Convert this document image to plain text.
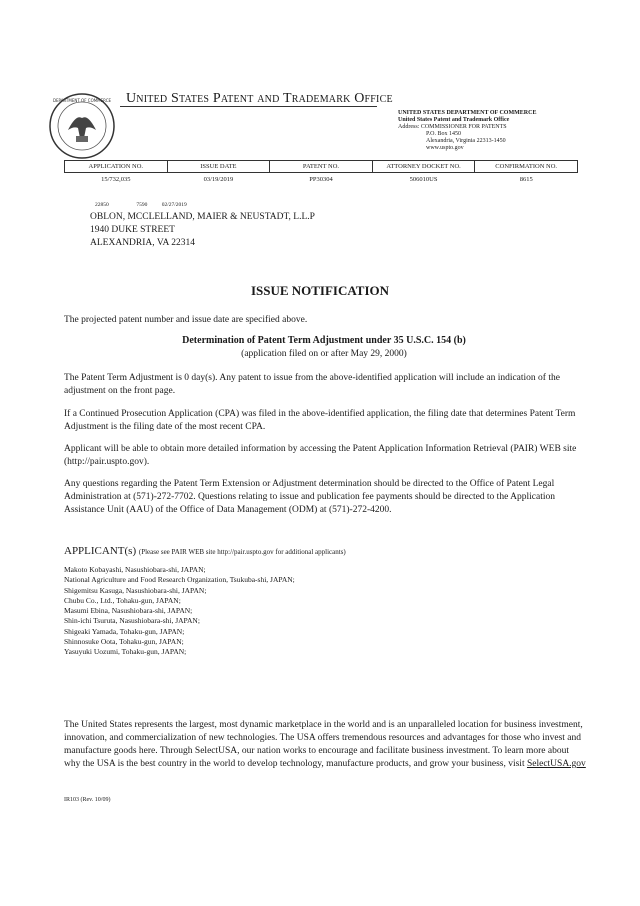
DEPARTMENT OF COMMERCE United States Patent and Trademark Office
UNITED STATES DEPARTMENT OF COMMERCE
United States Patent and Trademark Office
Address: COMMISSIONER FOR PATENTS
P.O. Box 1450
Alexandria, Virginia 22313-1450
www.uspto.gov
APPLICATION NO.	ISSUE DATE	PATENT NO.	ATTORNEY DOCKET NO.	CONFIRMATION NO.
15/732,035	03/19/2019	PP30304	506010US	8615
22850	7590	02/27/2019
OBLON, MCCLELLAND, MAIER & NEUSTADT, L.L.P
1940 DUKE STREET
ALEXANDRIA, VA 22314
ISSUE NOTIFICATION
The projected patent number and issue date are specified above.
Determination of Patent Term Adjustment under 35 U.S.C. 154 (b)
(application filed on or after May 29, 2000)
The Patent Term Adjustment is 0 day(s). Any patent to issue from the above-identified application will include an indication of the adjustment on the front page.
If a Continued Prosecution Application (CPA) was filed in the above-identified application, the filing date that determines Patent Term Adjustment is the filing date of the most recent CPA.
Applicant will be able to obtain more detailed information by accessing the Patent Application Information Retrieval (PAIR) WEB site (http://pair.uspto.gov).
Any questions regarding the Patent Term Extension or Adjustment determination should be directed to the Office of Patent Legal Administration at (571)-272-7702. Questions relating to issue and publication fee payments should be directed to the Application Assistance Unit (AAU) of the Office of Data Management (ODM) at (571)-272-4200.
APPLICANT(s) (Please see PAIR WEB site http://pair.uspto.gov for additional applicants)
Makoto Kobayashi, Nasushiobara-shi, JAPAN;
National Agriculture and Food Research Organization, Tsukuba-shi, JAPAN;
Shigemitsu Kasuga, Nasushiobara-shi, JAPAN;
Chubu Co., Ltd., Tohaku-gun, JAPAN;
Masumi Ebina, Nasushiobara-shi, JAPAN;
Shin-ichi Tsuruta, Nasushiobara-shi, JAPAN;
Shigeaki Yamada, Tohaku-gun, JAPAN;
Shinnosuke Oota, Tohaku-gun, JAPAN;
Yasuyuki Uozumi, Tohaku-gun, JAPAN;
The United States represents the largest, most dynamic marketplace in the world and is an unparalleled location for business investment, innovation, and commercialization of new technologies. The USA offers tremendous resources and advantages for those who invest and manufacture goods here. Through SelectUSA, our nation works to encourage and facilitate business investment. To learn more about why the USA is the best country in the world to develop technology, manufacture products, and grow your business, visit SelectUSA.gov
IR103 (Rev. 10/09)
